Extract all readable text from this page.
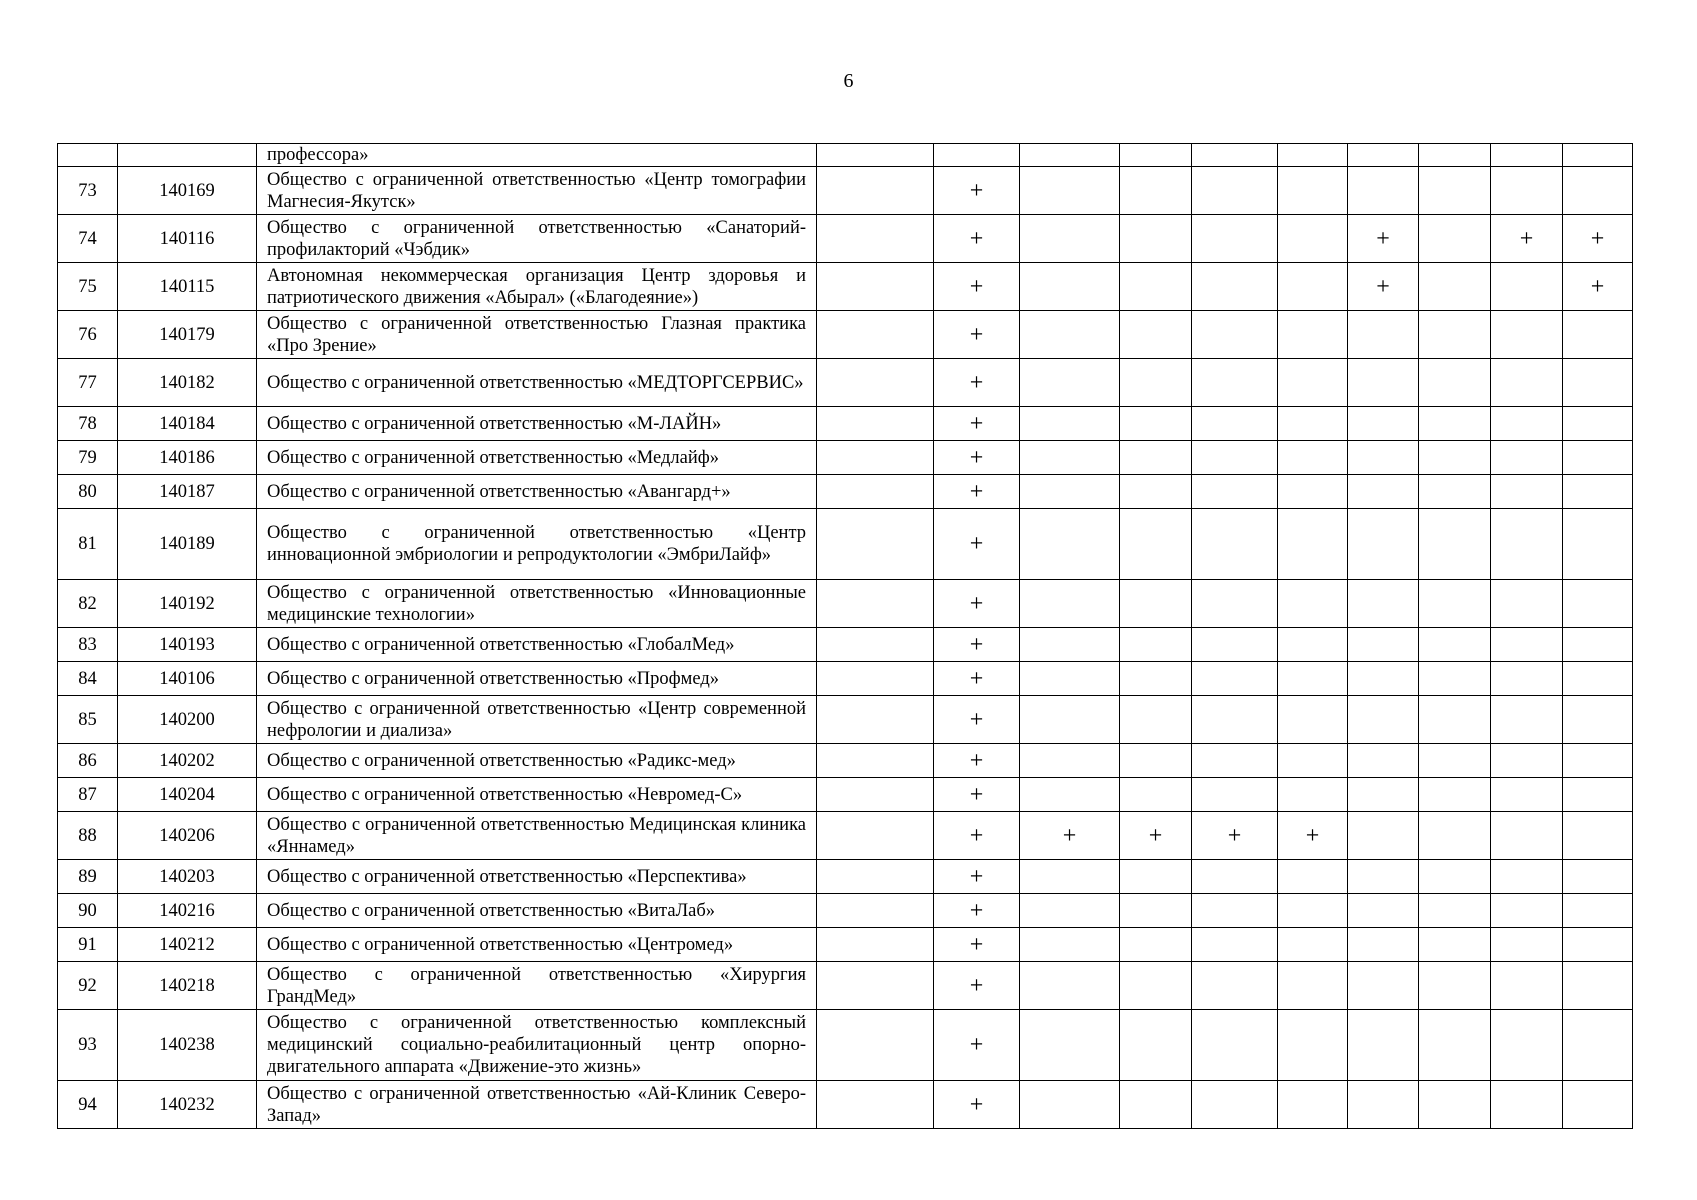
6
		профессора»											
73	140169	Общество с ограниченной ответственностью «Центр томографии Магнесия-Якутск»		+									
74	140116	Общество с ограниченной ответственностью «Санаторий-профилакторий «Чэбдик»		+					+		+	+	
75	140115	Автономная некоммерческая организация Центр здоровья и патриотического движения «Абырал» («Благодеяние»)		+					+			+	
76	140179	Общество с ограниченной ответственностью Глазная практика «Про Зрение»		+									
77	140182	Общество с ограниченной ответственностью «МЕДТОРГСЕРВИС»		+									
78	140184	Общество с ограниченной ответственностью «М-ЛАЙН»		+									
79	140186	Общество с ограниченной ответственностью «Медлайф»		+									
80	140187	Общество с ограниченной ответственностью «Авангард+»		+									
81	140189	Общество с ограниченной ответственностью «Центр инновационной эмбриологии и репродуктологии «ЭмбриЛайф»		+									
82	140192	Общество с ограниченной ответственностью «Инновационные медицинские технологии»		+									
83	140193	Общество с ограниченной ответственностью «ГлобалМед»		+									
84	140106	Общество с ограниченной ответственностью «Профмед»		+									
85	140200	Общество с ограниченной ответственностью «Центр современной нефрологии и диализа»		+									
86	140202	Общество с ограниченной ответственностью «Радикс-мед»		+									
87	140204	Общество с ограниченной ответственностью «Невромед-С»		+									
88	140206	Общество с ограниченной ответственностью Медицинская клиника «Яннамед»		+	+	+	+	+					
89	140203	Общество с ограниченной ответственностью «Перспектива»		+									
90	140216	Общество с ограниченной ответственностью «ВитаЛаб»		+									
91	140212	Общество с ограниченной ответственностью «Центромед»		+									
92	140218	Общество с ограниченной ответственностью «Хирургия ГрандМед»		+									
93	140238	Общество с ограниченной ответственностью комплексный медицинский социально-реабилитационный центр опорно-двигательного аппарата «Движение-это жизнь»		+									
94	140232	Общество с ограниченной ответственностью «Ай-Клиник Северо-Запад»		+									
